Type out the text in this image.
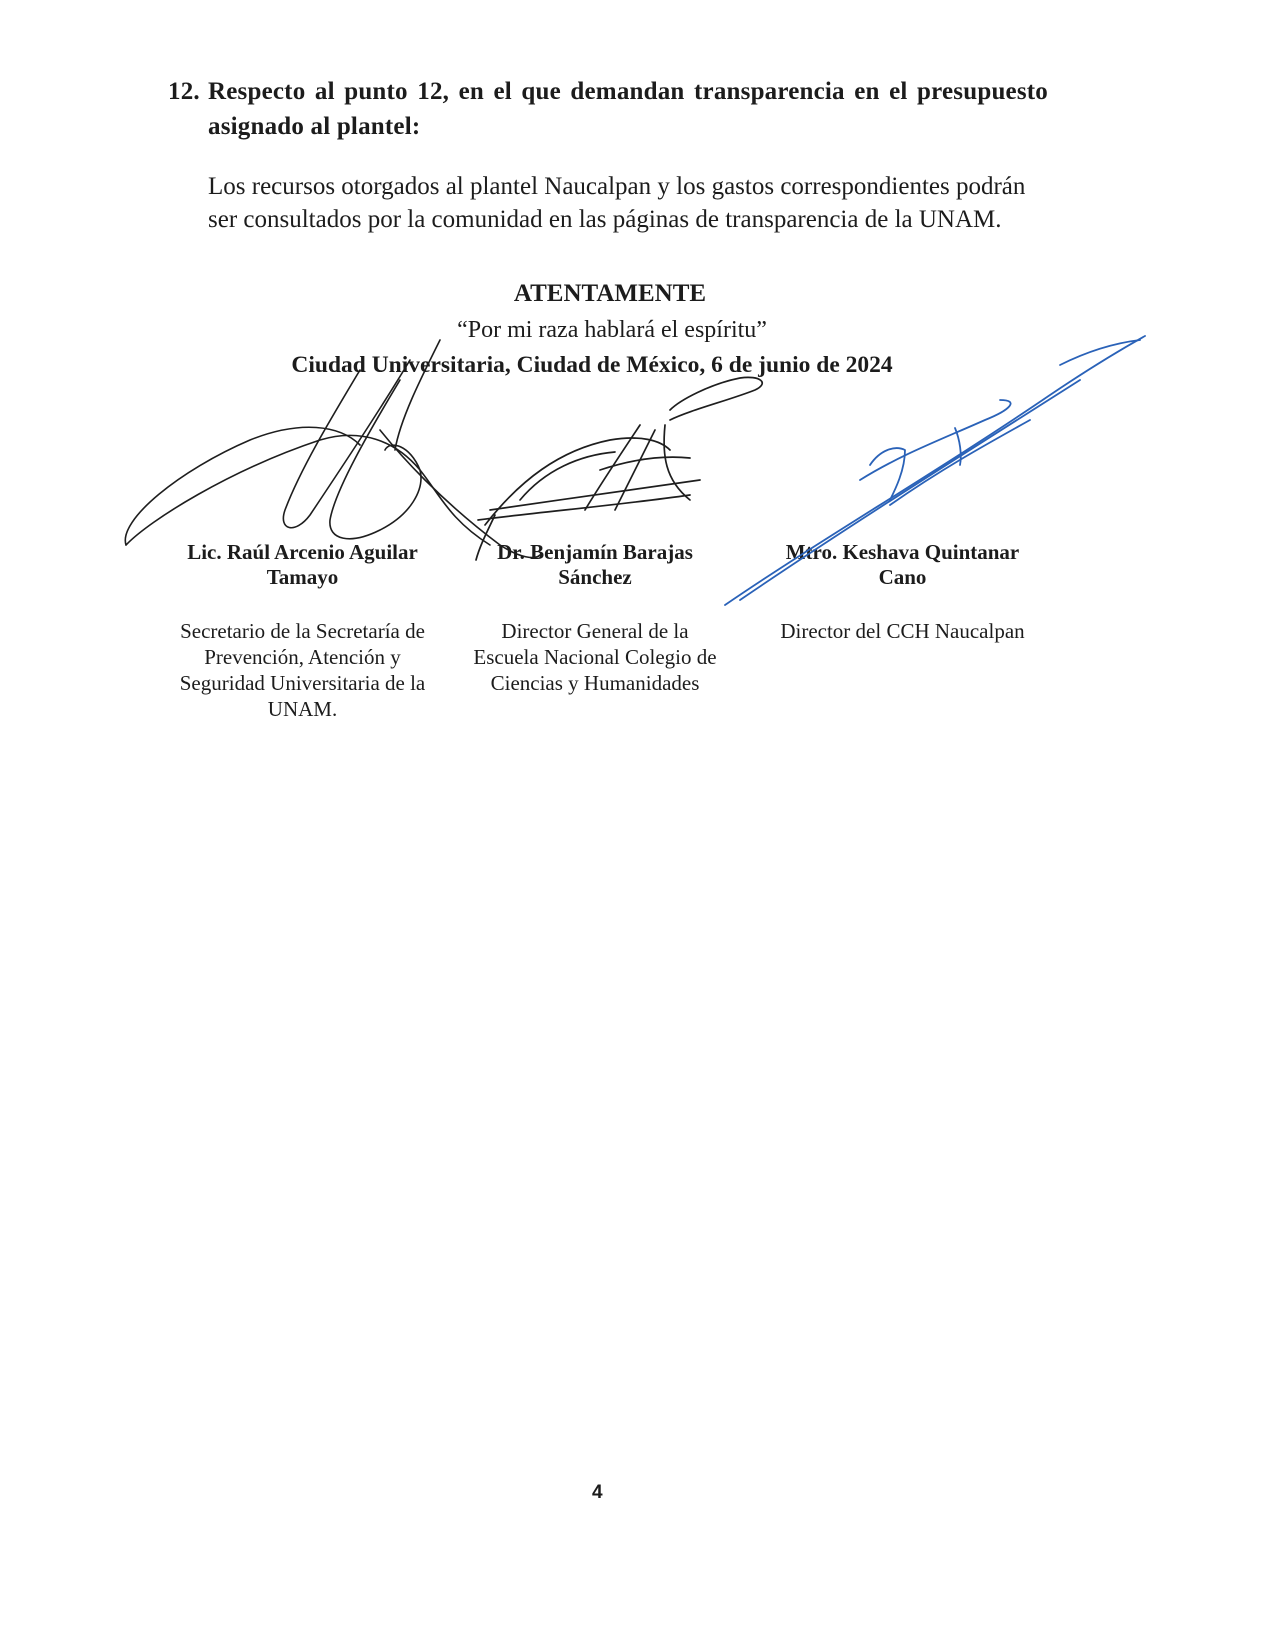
12. Respecto al punto 12, en el que demandan transparencia en el presupuesto asignado al plantel:
Los recursos otorgados al plantel Naucalpan y los gastos correspondientes podrán ser consultados por la comunidad en las páginas de transparencia de la UNAM.
ATENTAMENTE
“Por mi raza hablará el espíritu”
Ciudad Universitaria, Ciudad de México, 6 de junio de 2024
Lic. Raúl Arcenio Aguilar
Tamayo
Secretario de la Secretaría de
Prevención, Atención y
Seguridad Universitaria de la
UNAM.
Dr. Benjamín Barajas
Sánchez
Director General de la
Escuela Nacional Colegio de
Ciencias y Humanidades
Mtro. Keshava Quintanar
Cano
Director del CCH Naucalpan
4
